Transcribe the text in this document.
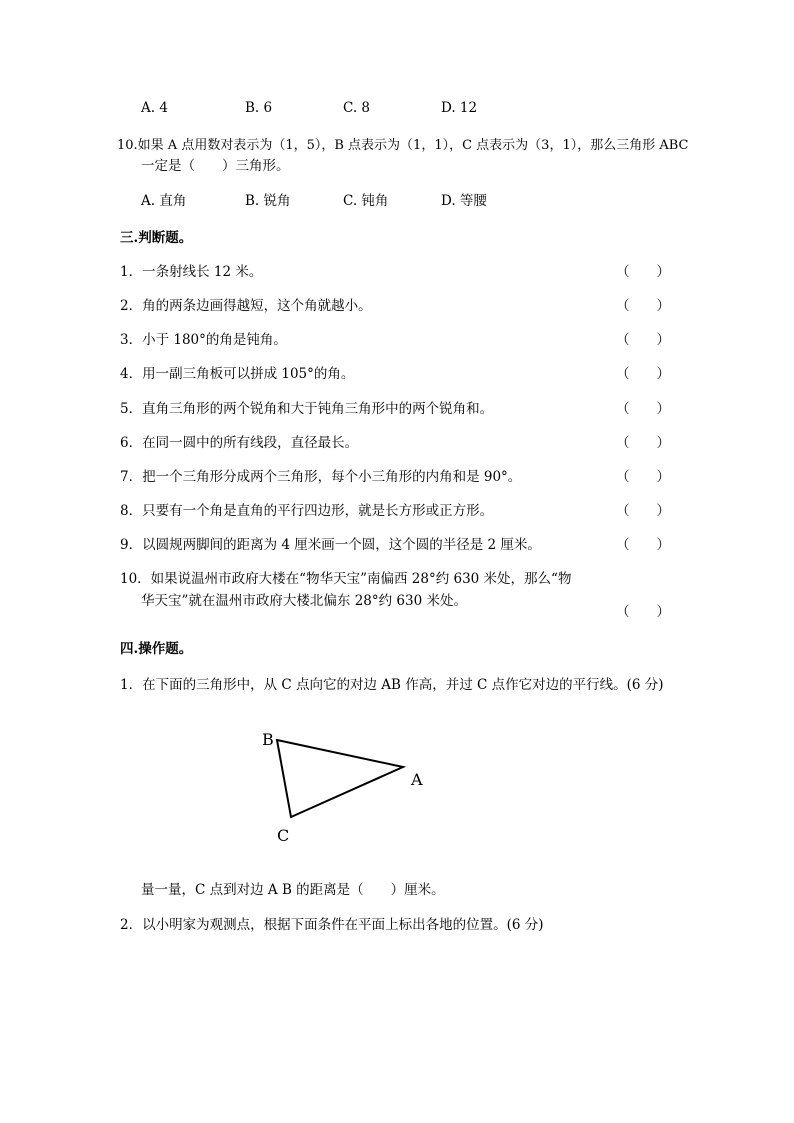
A. 4	B. 6	C. 8	D. 12
10.如果 A 点用数对表示为（1，5），B 点表示为（1，1），C 点表示为（3，1），那么三角形 ABC
一定是（　　）三角形。
A. 直角	B. 锐角	C. 钝角	D. 等腰
三.判断题。
1．一条射线长 12 米。	（　　）
2．角的两条边画得越短，这个角就越小。	（　　）
3．小于 180°的角是钝角。	（　　）
4．用一副三角板可以拼成 105°的角。	（　　）
5．直角三角形的两个锐角和大于钝角三角形中的两个锐角和。	（　　）
6．在同一圆中的所有线段，直径最长。	（　　）
7．把一个三角形分成两个三角形，每个小三角形的内角和是 90°。	（　　）
8．只要有一个角是直角的平行四边形，就是长方形或正方形。	（　　）
9．以圆规两脚间的距离为 4 厘米画一个圆，这个圆的半径是 2 厘米。	（　　）
10．如果说温州市政府大楼在“物华天宝”南偏西 28°约 630 米处，那么“物
华天宝”就在温州市政府大楼北偏东 28°约 630 米处。
（　　）
四.操作题。
1．在下面的三角形中，从 C 点向它的对边 AB 作高，并过 C 点作它对边的平行线。(6 分)
B
A
C
量一量，C 点到对边 A B 的距离是（　　）厘米。
2．以小明家为观测点，根据下面条件在平面上标出各地的位置。(6 分)
